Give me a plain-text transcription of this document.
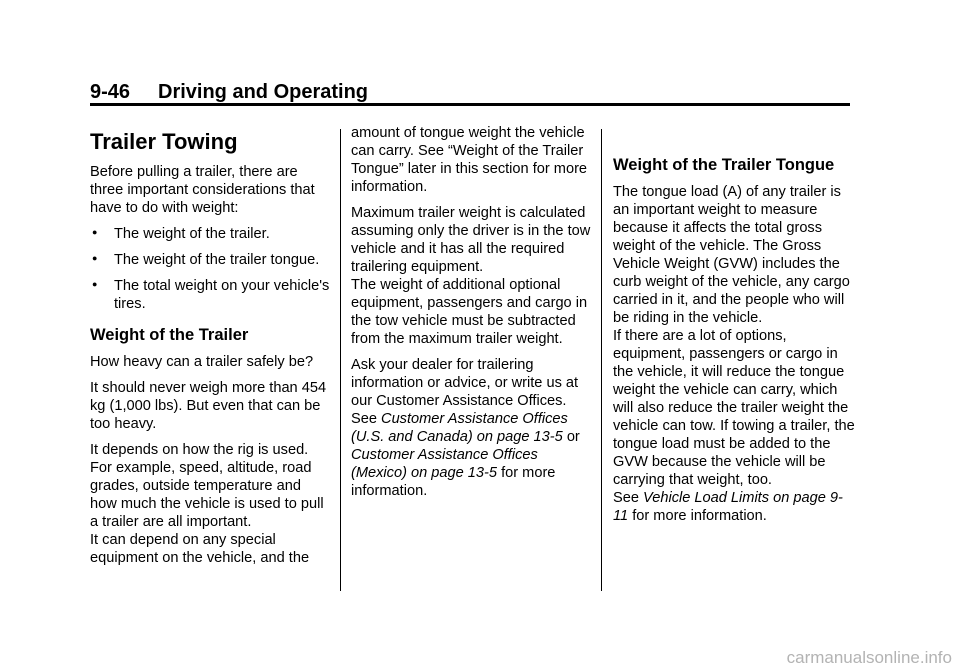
9-46 Driving and Operating
Trailer Towing

Before pulling a trailer, there are three important considerations that have to do with weight:

● The weight of the trailer.
● The weight of the trailer tongue.
● The total weight on your vehicle's tires.
Weight of the Trailer

How heavy can a trailer safely be?

It should never weigh more than 454 kg (1,000 lbs). But even that can be too heavy.

It depends on how the rig is used. For example, speed, altitude, road grades, outside temperature and how much the vehicle is used to pull a trailer are all important.

It can depend on any special equipment on the vehicle, and the

amount of tongue weight the vehicle can carry. See “Weight of the Trailer Tongue” later in this section for more information.

Maximum trailer weight is calculated assuming only the driver is in the tow vehicle and it has all the required trailering equipment.

The weight of additional optional equipment, passengers and cargo in the tow vehicle must be subtracted from the maximum trailer weight.

Ask your dealer for trailering information or advice, or write us at our Customer Assistance Offices. See Customer Assistance Offices (U.S. and Canada) on page 13-5 or Customer Assistance Offices (Mexico) on page 13-5 for more information.

Weight of the Trailer Tongue

The tongue load (A) of any trailer is an important weight to measure because it affects the total gross weight of the vehicle. The Gross Vehicle Weight (GVW) includes the curb weight of the vehicle, any cargo carried in it, and the people who will be riding in the vehicle.

If there are a lot of options, equipment, passengers or cargo in the vehicle, it will reduce the tongue weight the vehicle can carry, which will also reduce the trailer weight the vehicle can tow. If towing a trailer, the tongue load must be added to the GVW because the vehicle will be carrying that weight, too.

See Vehicle Load Limits on page 9-11 for more information.

carmanualsonline.info
